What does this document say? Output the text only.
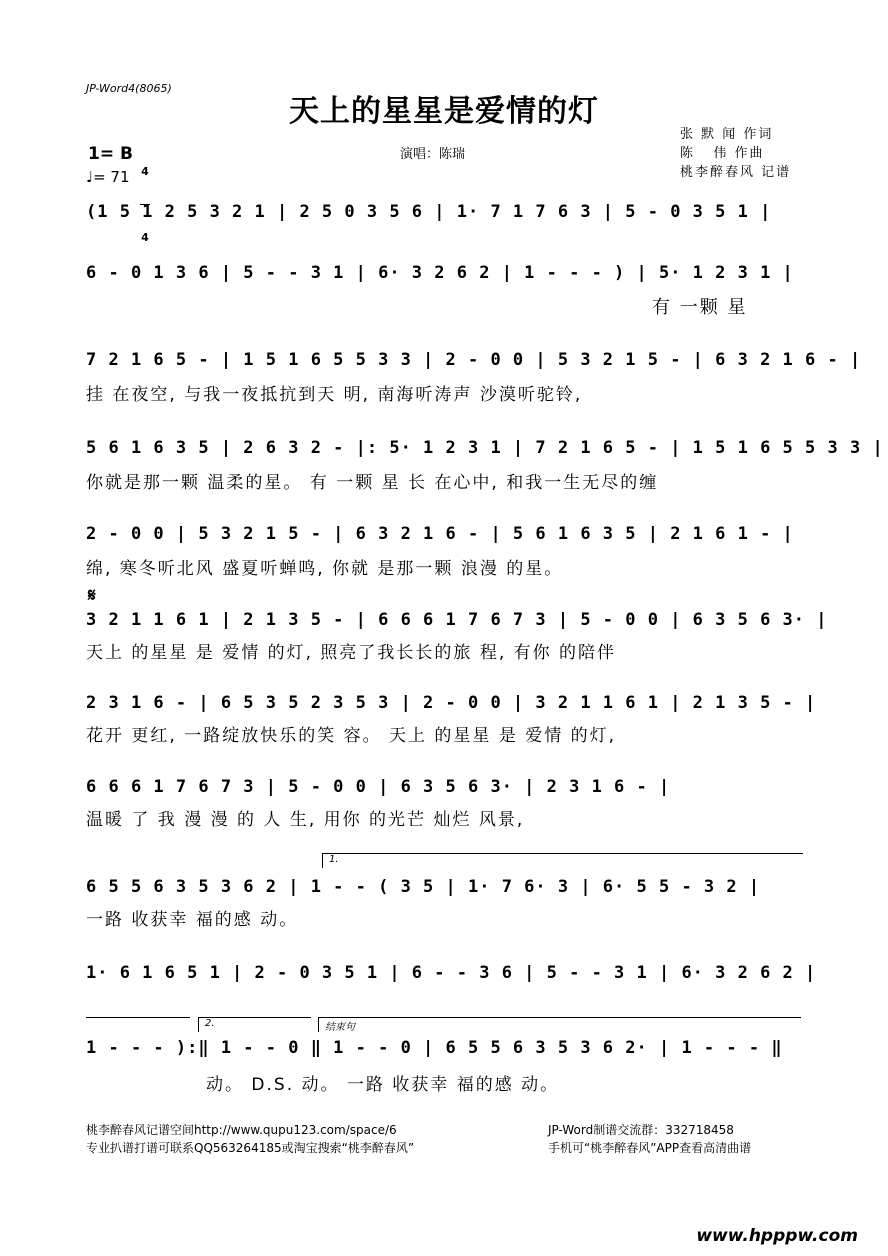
JP-Word4(8065)
天上的星星是爱情的灯
张 默 闻 作词
陈   伟 作曲
桃李醉春风 记谱
1= B

4

4

♩= 71
演唱：陈瑞
(1 5 1 2 5 3 2 1 | 2 5 0 3 5 6 | 1· 7 1 7 6 3 | 5 - 0 3 5 1 |
6 - 0 1 3 6 | 5 - - 3 1 | 6· 3 2 6 2 | 1 - - - ) | 5· 1 2 3 1 |
有 一颗 星
7 2 1 6 5 - | 1 5 1 6 5 5 3 3 | 2 - 0 0 | 5 3 2 1 5 - | 6 3 2 1 6 - |
挂 在夜空, 与我一夜抵抗到天 明, 南海听涛声 沙漠听驼铃,
5 6 1 6 3 5 | 2 6 3 2 - |: 5· 1 2 3 1 | 7 2 1 6 5 - | 1 5 1 6 5 5 3 3 |
你就是那一颗 温柔的星。 有 一颗 星 长 在心中, 和我一生无尽的缠
2 - 0 0 | 5 3 2 1 5 - | 6 3 2 1 6 - | 5 6 1 6 3 5 | 2 1 6 1 - |
绵, 寒冬听北风 盛夏听蝉鸣, 你就 是那一颗 浪漫 的星。
𝄋
3 2 1 1 6 1 | 2 1 3 5 - | 6 6 6 1 7 6 7 3 | 5 - 0 0 | 6 3 5 6 3· |
天上 的星星 是 爱情 的灯, 照亮了我长长的旅 程, 有你 的陪伴
2 3 1 6 - | 6 5 3 5 2 3 5 3 | 2 - 0 0 | 3 2 1 1 6 1 | 2 1 3 5 - |
花开 更红, 一路绽放快乐的笑 容。 天上 的星星 是 爱情 的灯,
6 6 6 1 7 6 7 3 | 5 - 0 0 | 6 3 5 6 3· | 2 3 1 6 - |
温暖 了 我 漫 漫 的 人 生, 用你 的光芒 灿烂 风景,
1.
6 5 5 6 3 5 3 6 2 | 1 - - ( 3 5 | 1· 7 6· 3 | 6· 5 5 - 3 2 |
一路 收获幸 福的感 动。
1· 6 1 6 5 1 | 2 - 0 3 5 1 | 6 - - 3 6 | 5 - - 3 1 | 6· 3 2 6 2 |
2.	结束句
1 - - - ):‖ 1 - - 0 ‖ 1 - - 0 | 6 5 5 6 3 5 3 6 2· | 1 - - - ‖
动。 D.S. 动。 一路 收获幸 福的感 动。
桃李醉春风记谱空间http://www.qupu123.com/space/6
专业扒谱打谱可联系QQ563264185或淘宝搜索“桃李醉春风”
JP-Word制谱交流群：332718458
手机可“桃李醉春风”APP查看高清曲谱
www.hpppw.com
